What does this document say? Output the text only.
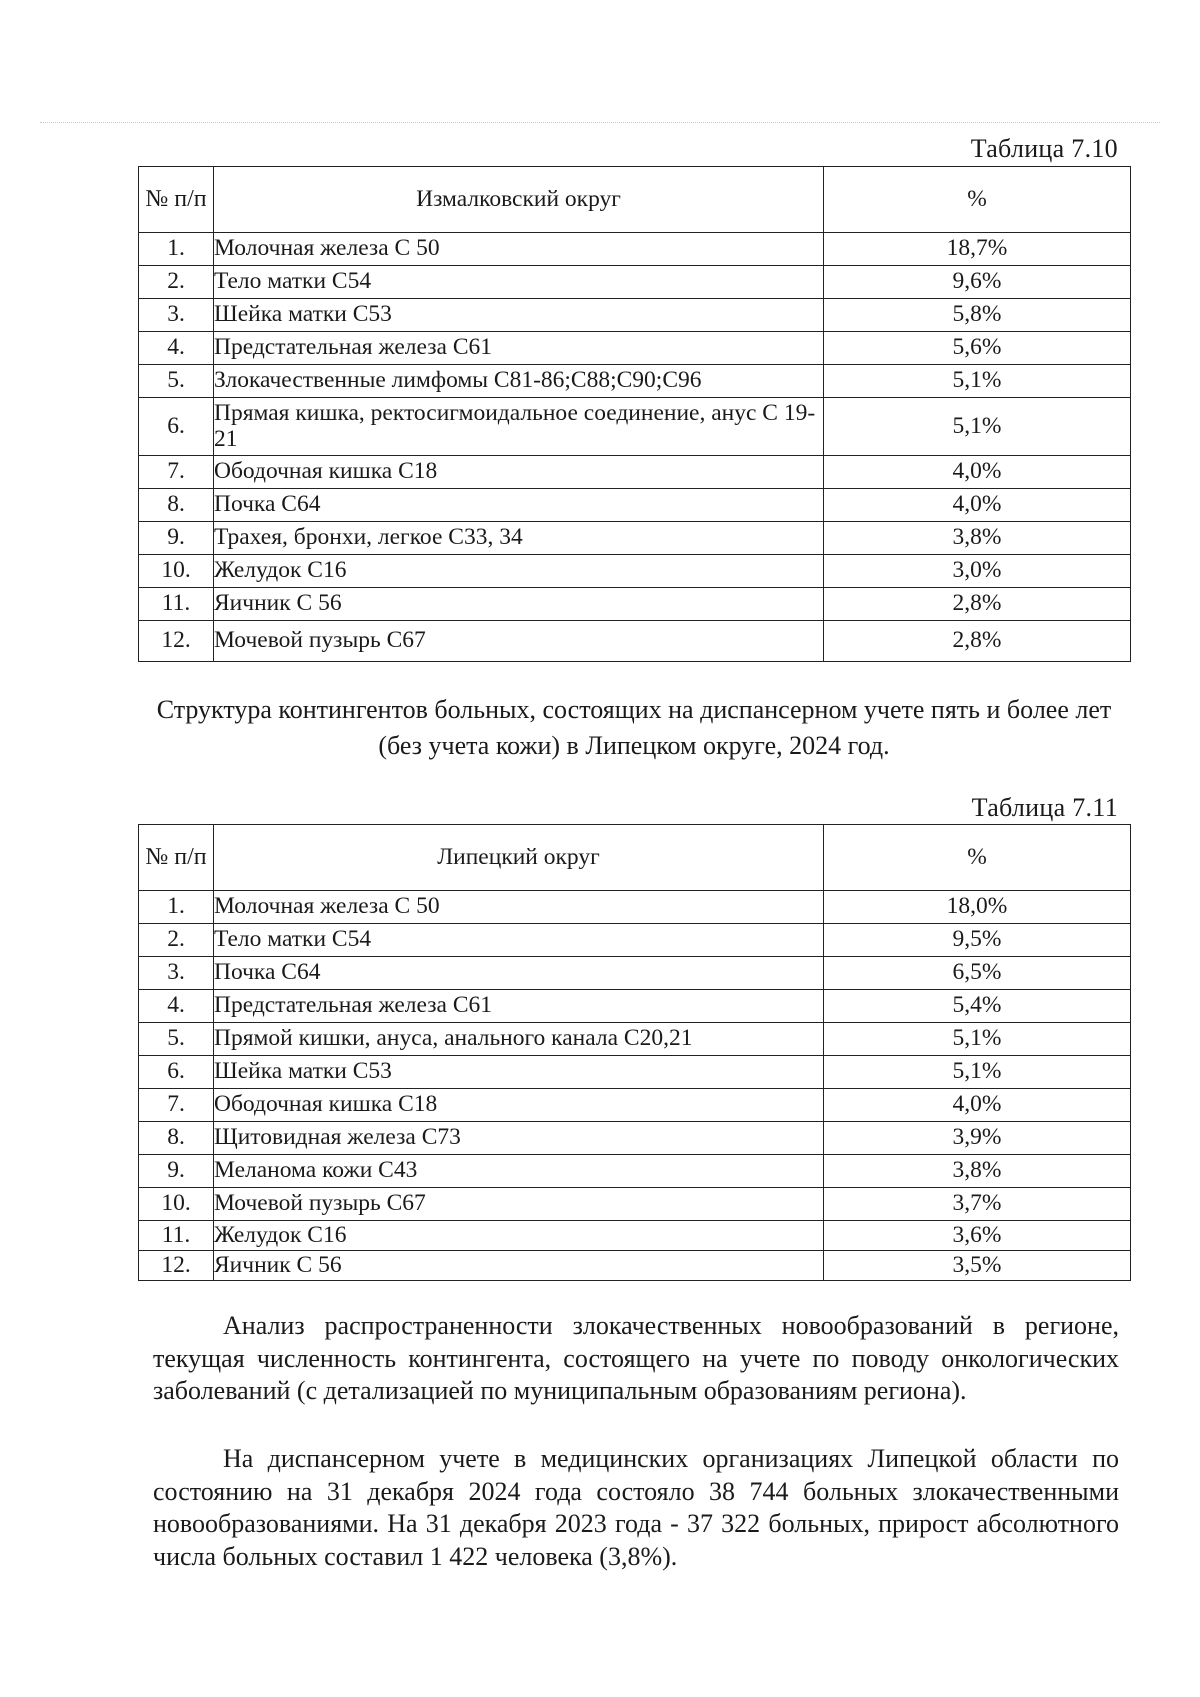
Таблица 7.10
№ п/п	Измалковский округ	%
1.	Молочная железа С 50	18,7%
2.	Тело матки С54	9,6%
3.	Шейка матки С53	5,8%
4.	Предстательная железа С61	5,6%
5.	Злокачественные лимфомы С81-86;С88;С90;С96	5,1%
6.	Прямая кишка, ректосигмоидальное соединение, анус С 19-21	5,1%
7.	Ободочная кишка С18	4,0%
8.	Почка С64	4,0%
9.	Трахея, бронхи, легкое С33, 34	3,8%
10.	Желудок С16	3,0%
11.	Яичник С 56	2,8%
12.	Мочевой пузырь С67	2,8%
Структура контингентов больных, состоящих на диспансерном учете пять и более лет (без учета кожи) в Липецком округе, 2024 год.
Таблица 7.11
№ п/п	Липецкий округ	%
1.	Молочная железа С 50	18,0%
2.	Тело матки С54	9,5%
3.	Почка С64	6,5%
4.	Предстательная железа С61	5,4%
5.	Прямой кишки, ануса, анального канала С20,21	5,1%
6.	Шейка матки С53	5,1%
7.	Ободочная кишка С18	4,0%
8.	Щитовидная железа С73	3,9%
9.	Меланома кожи С43	3,8%
10.	Мочевой пузырь С67	3,7%
11.	Желудок С16	3,6%
12.	Яичник С 56	3,5%

Анализ распространенности злокачественных новообразований в регионе, текущая численность контингента, состоящего на учете по поводу онкологических заболеваний (с детализацией по муниципальным образованиям региона).

На диспансерном учете в медицинских организациях Липецкой области по состоянию на 31 декабря 2024 года состояло 38 744 больных злокачественными новообразованиями. На 31 декабря 2023 года - 37 322 больных, прирост абсолютного числа больных составил 1 422 человека (3,8%).
